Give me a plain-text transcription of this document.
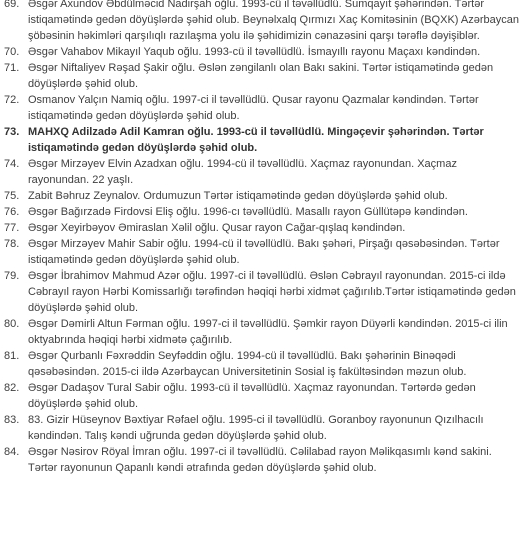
69. Əsgər Axundov Əbdülməcid Nadirşah oğlu. 1993-cü il təvəllüdlü. Sumqayıt şəhərindən. Tərtər istiqamətində gedən döyüşlərdə şəhid olub. Beynəlxalq Qırmızı Xaç Komitəsinin (BQXK) Azərbaycan şöbəsinin həkimləri qarşılıqlı razılaşma yolu ilə şəhidimizin cənazəsini qarşı tərəflə dəyişiblər.
70. Əsgər Vahabov Mikayıl Yaqub oğlu. 1993-cü il təvəllüdlü. İsmayıllı rayonu Maçaxı kəndindən.
71. Əsgər Niftaliyev Rəşad Şakir oğlu. Əslən zəngilanlı olan Bakı sakini. Tərtər istiqamətində gedən döyüşlərdə şəhid olub.
72. Osmanov Yalçın Namiq oğlu. 1997-ci il təvəllüdlü. Qusar rayonu Qazmalar kəndindən. Tərtər istiqamətində gedən döyüşlərdə şəhid olub.
73. MAHXQ Adilzadə Adil Kamran oğlu. 1993-cü il təvəllüdlü. Mingəçevir şəhərindən. Tərtər istiqamətində gedən döyüşlərdə şəhid olub.
74. Əsgər Mirzəyev Elvin Azadxan oğlu. 1994-cü il təvəllüdlü. Xaçmaz rayonundan. Xaçmaz rayonundan. 22 yaşlı.
75. Zabit Bəhruz Zeynalov. Ordumuzun Tərtər istiqamətində gedən döyüşlərdə şəhid olub.
76. Əsgər Bağırzadə Firdovsi Eliş oğlu. 1996-cı təvəllüdlü. Masallı rayon Güllütəpə kəndindən.
77. Əsgər Xeyirbəyov Əmiraslan Xəlil oğlu. Qusar rayon Cağar-qışlaq kəndindən.
78. Əsgər Mirzəyev Mahir Sabir oğlu. 1994-cü il təvəllüdlü. Bakı şəhəri, Pirşağı qəsəbəsindən. Tərtər istiqamətində gedən döyüşlərdə şəhid olub.
79. Əsgər İbrahimov Mahmud Azər oğlu. 1997-ci il təvəllüdlü. Əslən Cəbrayıl rayonundan. 2015-ci ildə Cəbrayıl rayon Hərbi Komissarlığı tərəfindən həqiqi hərbi xidmət çağırılıb.Tərtər istiqamətində gedən döyüşlərdə şəhid olub.
80. Əsgər Dəmirli Altun Fərman oğlu. 1997-ci il təvəllüdlü. Şəmkir rayon Düyərli kəndindən. 2015-ci ilin oktyabrında həqiqi hərbi xidmətə çağırılıb.
81. Əsgər Qurbanlı Fəxrəddin Seyfəddin oğlu. 1994-cü il təvəllüdlü. Bakı şəhərinin Binəqədi qəsəbəsindən. 2015-ci ildə Azərbaycan Universitetinin Sosial iş fakültəsindən məzun olub.
82. Əsgər Dadaşov Tural Sabir oğlu. 1993-cü il təvəllüdlü. Xaçmaz rayonundan. Tərtərdə gedən döyüşlərdə şəhid olub.
83. 83. Gizir Hüseynov Bəxtiyar Rəfael oğlu. 1995-ci il təvəllüdlü. Goranboy rayonunun Qızılhacılı kəndindən. Talış kəndi uğrunda gedən döyüşlərdə şəhid olub.
84. Əsgər Nəsirov Röyal İmran oğlu. 1997-ci il təvəllüdlü. Cəlilabad rayon Məlikqasımlı kənd sakini. Tərtər rayonunun Qapanlı kəndi ətrafında gedən döyüşlərdə şəhid olub.
